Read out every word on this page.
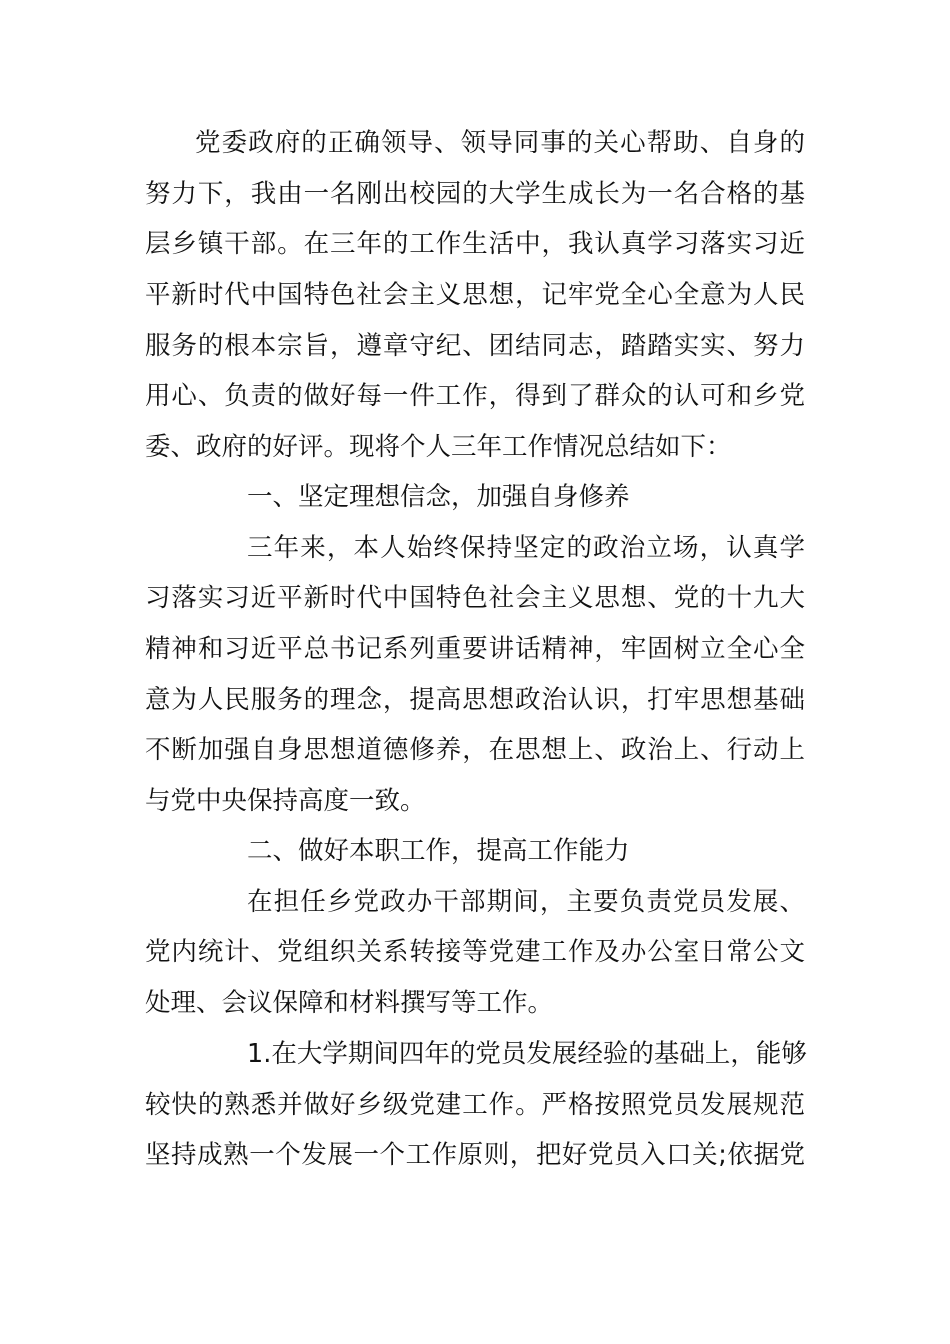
党委政府的正确领导、领导同事的关心帮助、自身的
努力下，我由一名刚出校园的大学生成长为一名合格的基
层乡镇干部。在三年的工作生活中，我认真学习落实习近
平新时代中国特色社会主义思想，记牢党全心全意为人民
服务的根本宗旨，遵章守纪、团结同志，踏踏实实、努力
用心、负责的做好每一件工作，得到了群众的认可和乡党
委、政府的好评。现将个人三年工作情况总结如下：
一、坚定理想信念，加强自身修养
三年来，本人始终保持坚定的政治立场，认真学
习落实习近平新时代中国特色社会主义思想、党的十九大
精神和习近平总书记系列重要讲话精神，牢固树立全心全
意为人民服务的理念，提高思想政治认识，打牢思想基础
不断加强自身思想道德修养，在思想上、政治上、行动上
与党中央保持高度一致。
二、做好本职工作，提高工作能力
在担任乡党政办干部期间，主要负责党员发展、
党内统计、党组织关系转接等党建工作及办公室日常公文
处理、会议保障和材料撰写等工作。
1.在大学期间四年的党员发展经验的基础上，能够
较快的熟悉并做好乡级党建工作。严格按照党员发展规范
坚持成熟一个发展一个工作原则，把好党员入口关;依据党
